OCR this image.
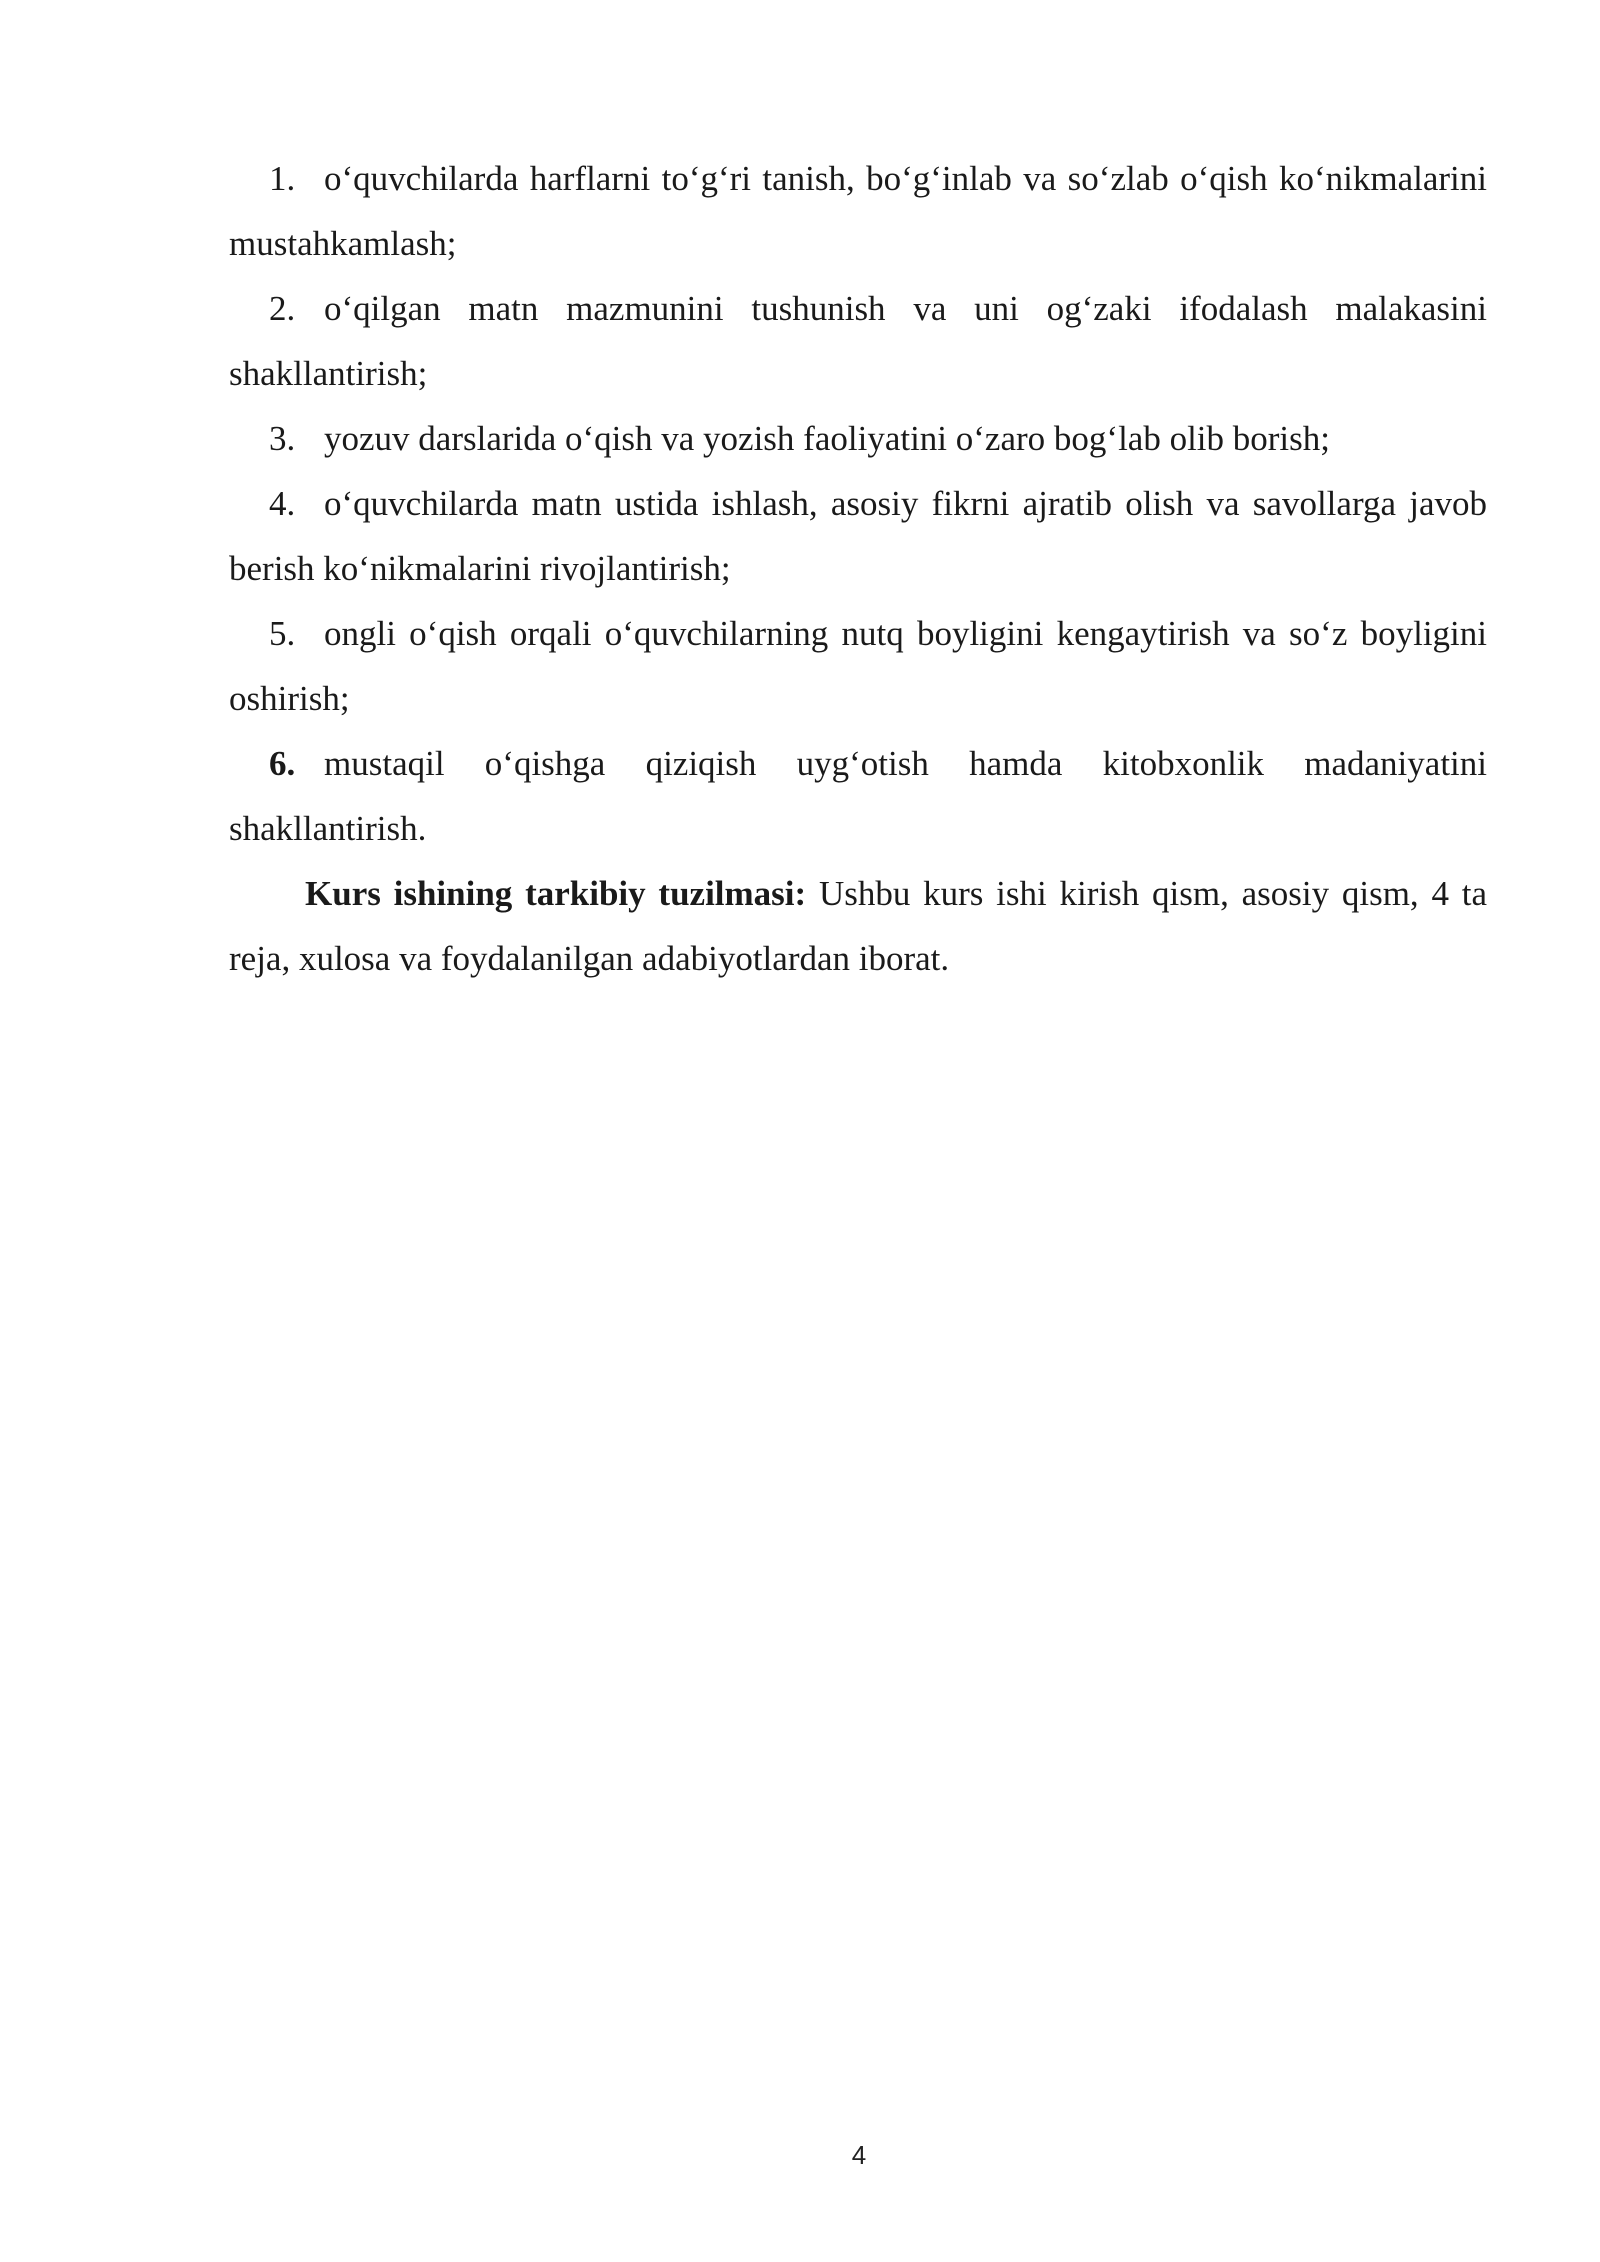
1. o‘quvchilarda harflarni to‘g‘ri tanish, bo‘g‘inlab va so‘zlab o‘qish ko‘nikmalarini mustahkamlash;

2. o‘qilgan matn mazmunini tushunish va uni og‘zaki ifodalash malakasini shakllantirish;

3. yozuv darslarida o‘qish va yozish faoliyatini o‘zaro bog‘lab olib borish;

4. o‘quvchilarda matn ustida ishlash, asosiy fikrni ajratib olish va savollarga javob berish ko‘nikmalarini rivojlantirish;

5. ongli o‘qish orqali o‘quvchilarning nutq boyligini kengaytirish va so‘z boyligini oshirish;

6. mustaqil o‘qishga qiziqish uyg‘otish hamda kitobxonlik madaniyatini shakllantirish.

Kurs ishining tarkibiy tuzilmasi: Ushbu kurs ishi kirish qism, asosiy qism, 4 ta reja, xulosa va foydalanilgan adabiyotlardan iborat.

4
